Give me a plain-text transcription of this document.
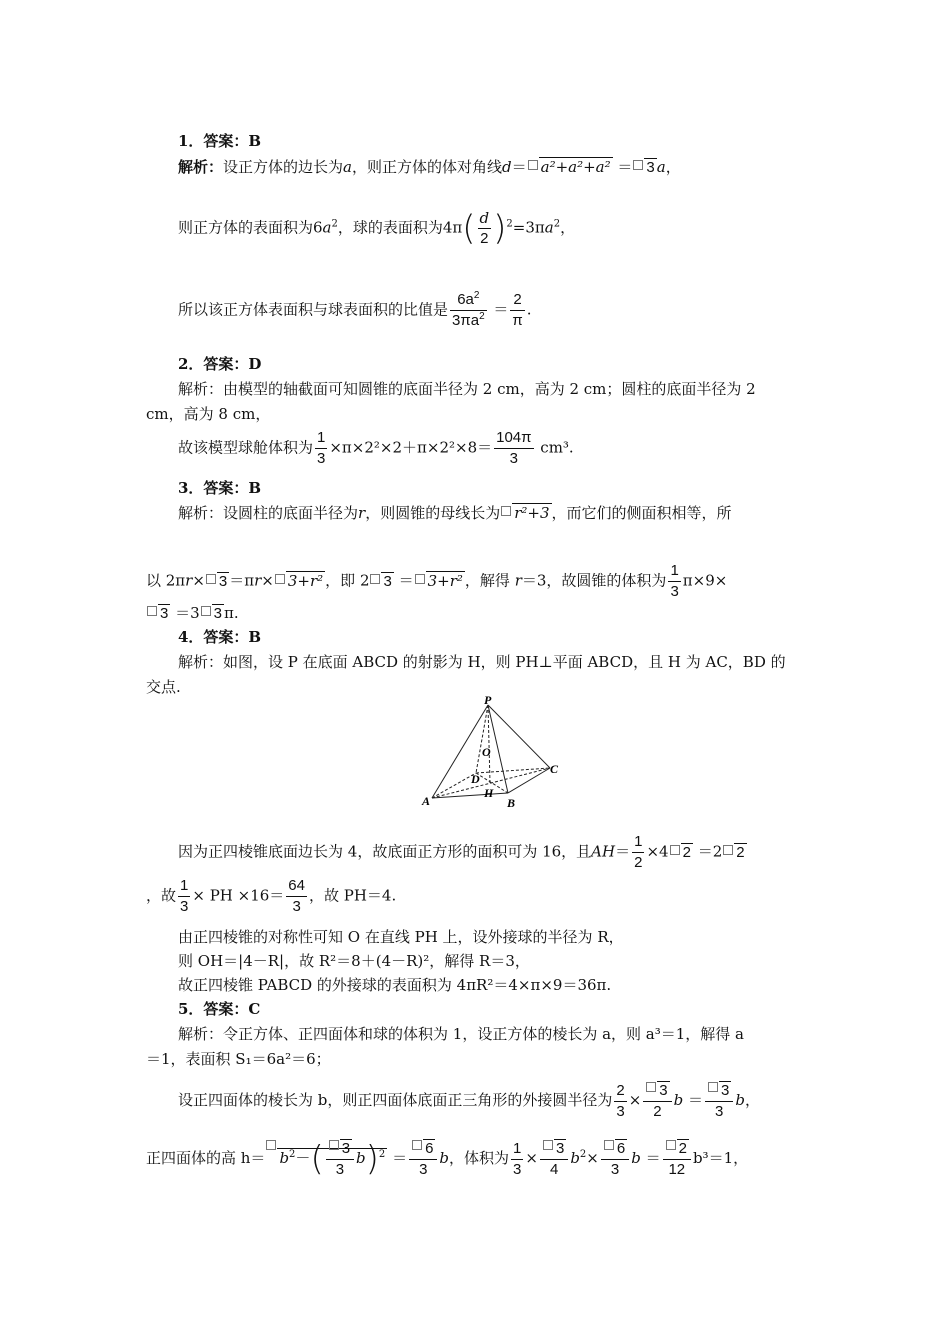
1．答案：B
解析：设正方体的边长为a，则正方体的体对角线d＝ a²+a²+a² ＝ 3 a，
则正方体的表面积为$6a^2$，球的表面积为$4\pi( \frac{d}{2} )^2=3\pi a^2$，
所以该正方体表面积与球表面积的比值是 $\frac{6a^2}{3\pi a^2} = \frac{2}{\pi}$ .
2．答案：D
解析：由模型的轴截面可知圆锥的底面半径为 2 cm，高为 2 cm；圆柱的底面半径为 2
cm，高为 8 cm，
故该模型球舱体积为 $\frac{1}{3} \times\pi\times 2^2\times 2+\pi\times 2^2\times 8= \frac{104\pi}{3} cm^3$.
3．答案：B
解析：设圆柱的底面半径为r，则圆锥的母线长为 r²+3 ，而它们的侧面积相等，所
以 2πr× 3 ＝πr× 3+r² ，即 2 3 ＝ 3+r² ，解得 r＝3，故圆锥的体积为 $\frac{1}{3} \pi\times 9\times$
3 ＝3 3 π.
4．答案：B
解析：如图，设 P 在底面 ABCD 的射影为 H，则 PH⊥平面 ABCD，且 H 为 AC，BD 的
交点.
P
O
D
C
A
H
B
因为正四棱锥底面边长为 4，故底面正方形的面积可为 16，且$AH= \frac{1}{2} \times 4$ 2 ＝2 2
，故 $\frac{1}{3}$ × PH $\times 16= \frac{64}{3}$ ，故 PH＝4.
由正四棱锥的对称性可知 O 在直线 PH 上，设外接球的半径为 R，
则 OH＝|4－R|，故 R²＝8＋(4－R)²，解得 R＝3，
故正四棱锥 PABCD 的外接球的表面积为 4πR²＝4×π×9＝36π.
5．答案：C
解析：令正方体、正四面体和球的体积为 1，设正方体的棱长为 a，则 a³＝1，解得 a
＝1，表面积 S₁＝6a²＝6；
设正四面体的棱长为 b，则正四面体底面正三角形的外接圆半径为 $\frac{2}{3} \times \frac{3}{2}$ $b = \frac{3}{3}$ b，
正四面体的高 $h= b^2-( \frac{3}{3} b)^2 = \frac{6}{3}$ b，体积为 $\frac{1}{3} \times \frac{3}{4} b^2\times \frac{6}{3}$ $b = \frac{2}{12} b^3=1$，
